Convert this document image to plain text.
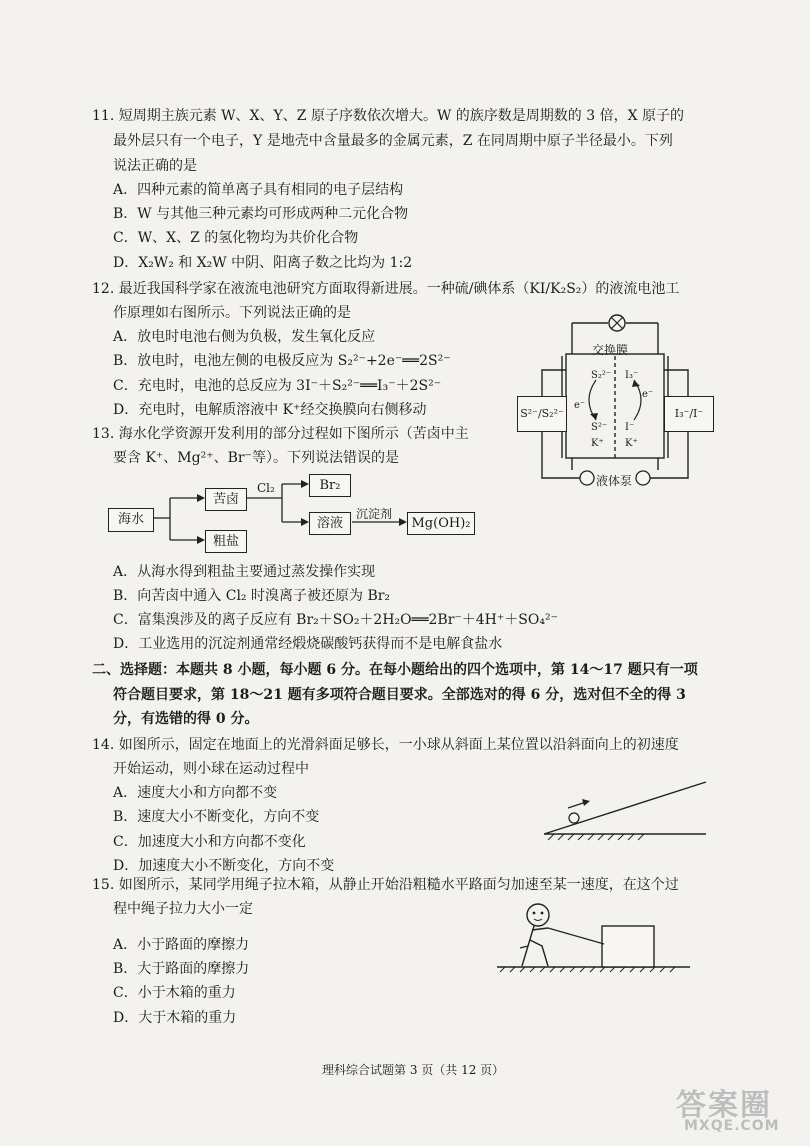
11. 短周期主族元素 W、X、Y、Z 原子序数依次增大。W 的族序数是周期数的 3 倍，X 原子的
最外层只有一个电子，Y 是地壳中含量最多的金属元素，Z 在同周期中原子半径最小。下列
说法正确的是
A．四种元素的简单离子具有相同的电子层结构
B．W 与其他三种元素均可形成两种二元化合物
C．W、X、Z 的氢化物均为共价化合物
D．X₂W₂ 和 X₂W 中阴、阳离子数之比均为 1:2
12. 最近我国科学家在液流电池研究方面取得新进展。一种硫/碘体系（KI/K₂S₂）的液流电池工
作原理如右图所示。下列说法正确的是
A．放电时电池右侧为负极，发生氧化反应
B．放电时，电池左侧的电极反应为 S₂²⁻+2e⁻══2S²⁻
C．充电时，电池的总反应为 3I⁻＋S₂²⁻══I₃⁻＋2S²⁻
D．充电时，电解质溶液中 K⁺经交换膜向右侧移动	S²⁻/S₂²⁻	I₃⁻/I⁻
交换膜
S₂²⁻
e⁻
S²⁻
K⁺
I₃⁻
e⁻
I⁻
K⁺
液体泵
13. 海水化学资源开发利用的部分过程如下图所示（苦卤中主
要含 K⁺、Mg²⁺、Br⁻等）。下列说法错误的是
海水
苦卤
粗盐
Cl₂	Br₂
溶液
沉淀剂
Mg(OH)₂
A．从海水得到粗盐主要通过蒸发操作实现
B．向苦卤中通入 Cl₂ 时溴离子被还原为 Br₂
C．富集溴涉及的离子反应有 Br₂＋SO₂＋2H₂O══2Br⁻＋4H⁺＋SO₄²⁻
D．工业选用的沉淀剂通常经煅烧碳酸钙获得而不是电解食盐水
二、选择题：本题共 8 小题，每小题 6 分。在每小题给出的四个选项中，第 14～17 题只有一项
符合题目要求，第 18～21 题有多项符合题目要求。全部选对的得 6 分，选对但不全的得 3
分，有选错的得 0 分。
14. 如图所示，固定在地面上的光滑斜面足够长，一小球从斜面上某位置以沿斜面向上的初速度
开始运动，则小球在运动过程中
A．速度大小和方向都不变
B．速度大小不断变化，方向不变
C．加速度大小和方向都不变化
D．加速度大小不断变化，方向不变
15. 如图所示，某同学用绳子拉木箱，从静止开始沿粗糙水平路面匀加速至某一速度，在这个过
程中绳子拉力大小一定
A．小于路面的摩擦力
B．大于路面的摩擦力
C．小于木箱的重力
D．大于木箱的重力
理科综合试题第 3 页（共 12 页）
答案圈
MXQE.COM
